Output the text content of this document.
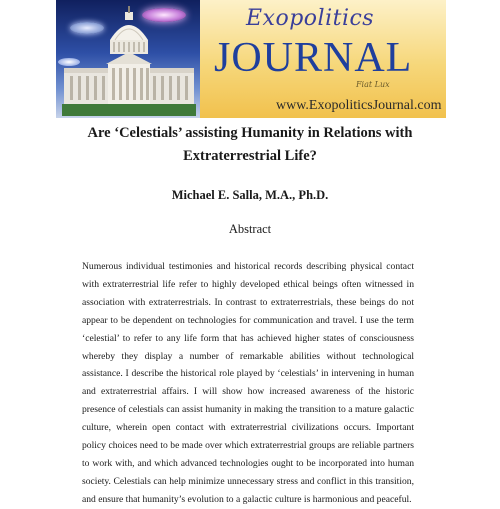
Exopolitics
JOURNAL
Fiat Lux
www.ExopoliticsJournal.com
Are ‘Celestials’ assisting Humanity in Relations with Extraterrestrial Life?
Michael E. Salla, M.A., Ph.D.
Abstract

Numerous individual testimonies and historical records describing physical contact with extraterrestrial life refer to highly developed ethical beings often witnessed in association with extraterrestrials. In contrast to extraterrestrials, these beings do not appear to be dependent on technologies for communication and travel. I use the term ‘celestial’ to refer to any life form that has achieved higher states of consciousness whereby they display a number of remarkable abilities without technological assistance. I describe the historical role played by ‘celestials’ in intervening in human and extraterrestrial affairs. I will show how increased awareness of the historic presence of celestials can assist humanity in making the transition to a mature galactic culture, wherein open contact with extraterrestrial civilizations occurs. Important policy choices need to be made over which extraterrestrial groups are reliable partners to work with, and which advanced technologies ought to be incorporated into human society. Celestials can help minimize unnecessary stress and conflict in this transition, and ensure that humanity’s evolution to a galactic culture is harmonious and peaceful.
